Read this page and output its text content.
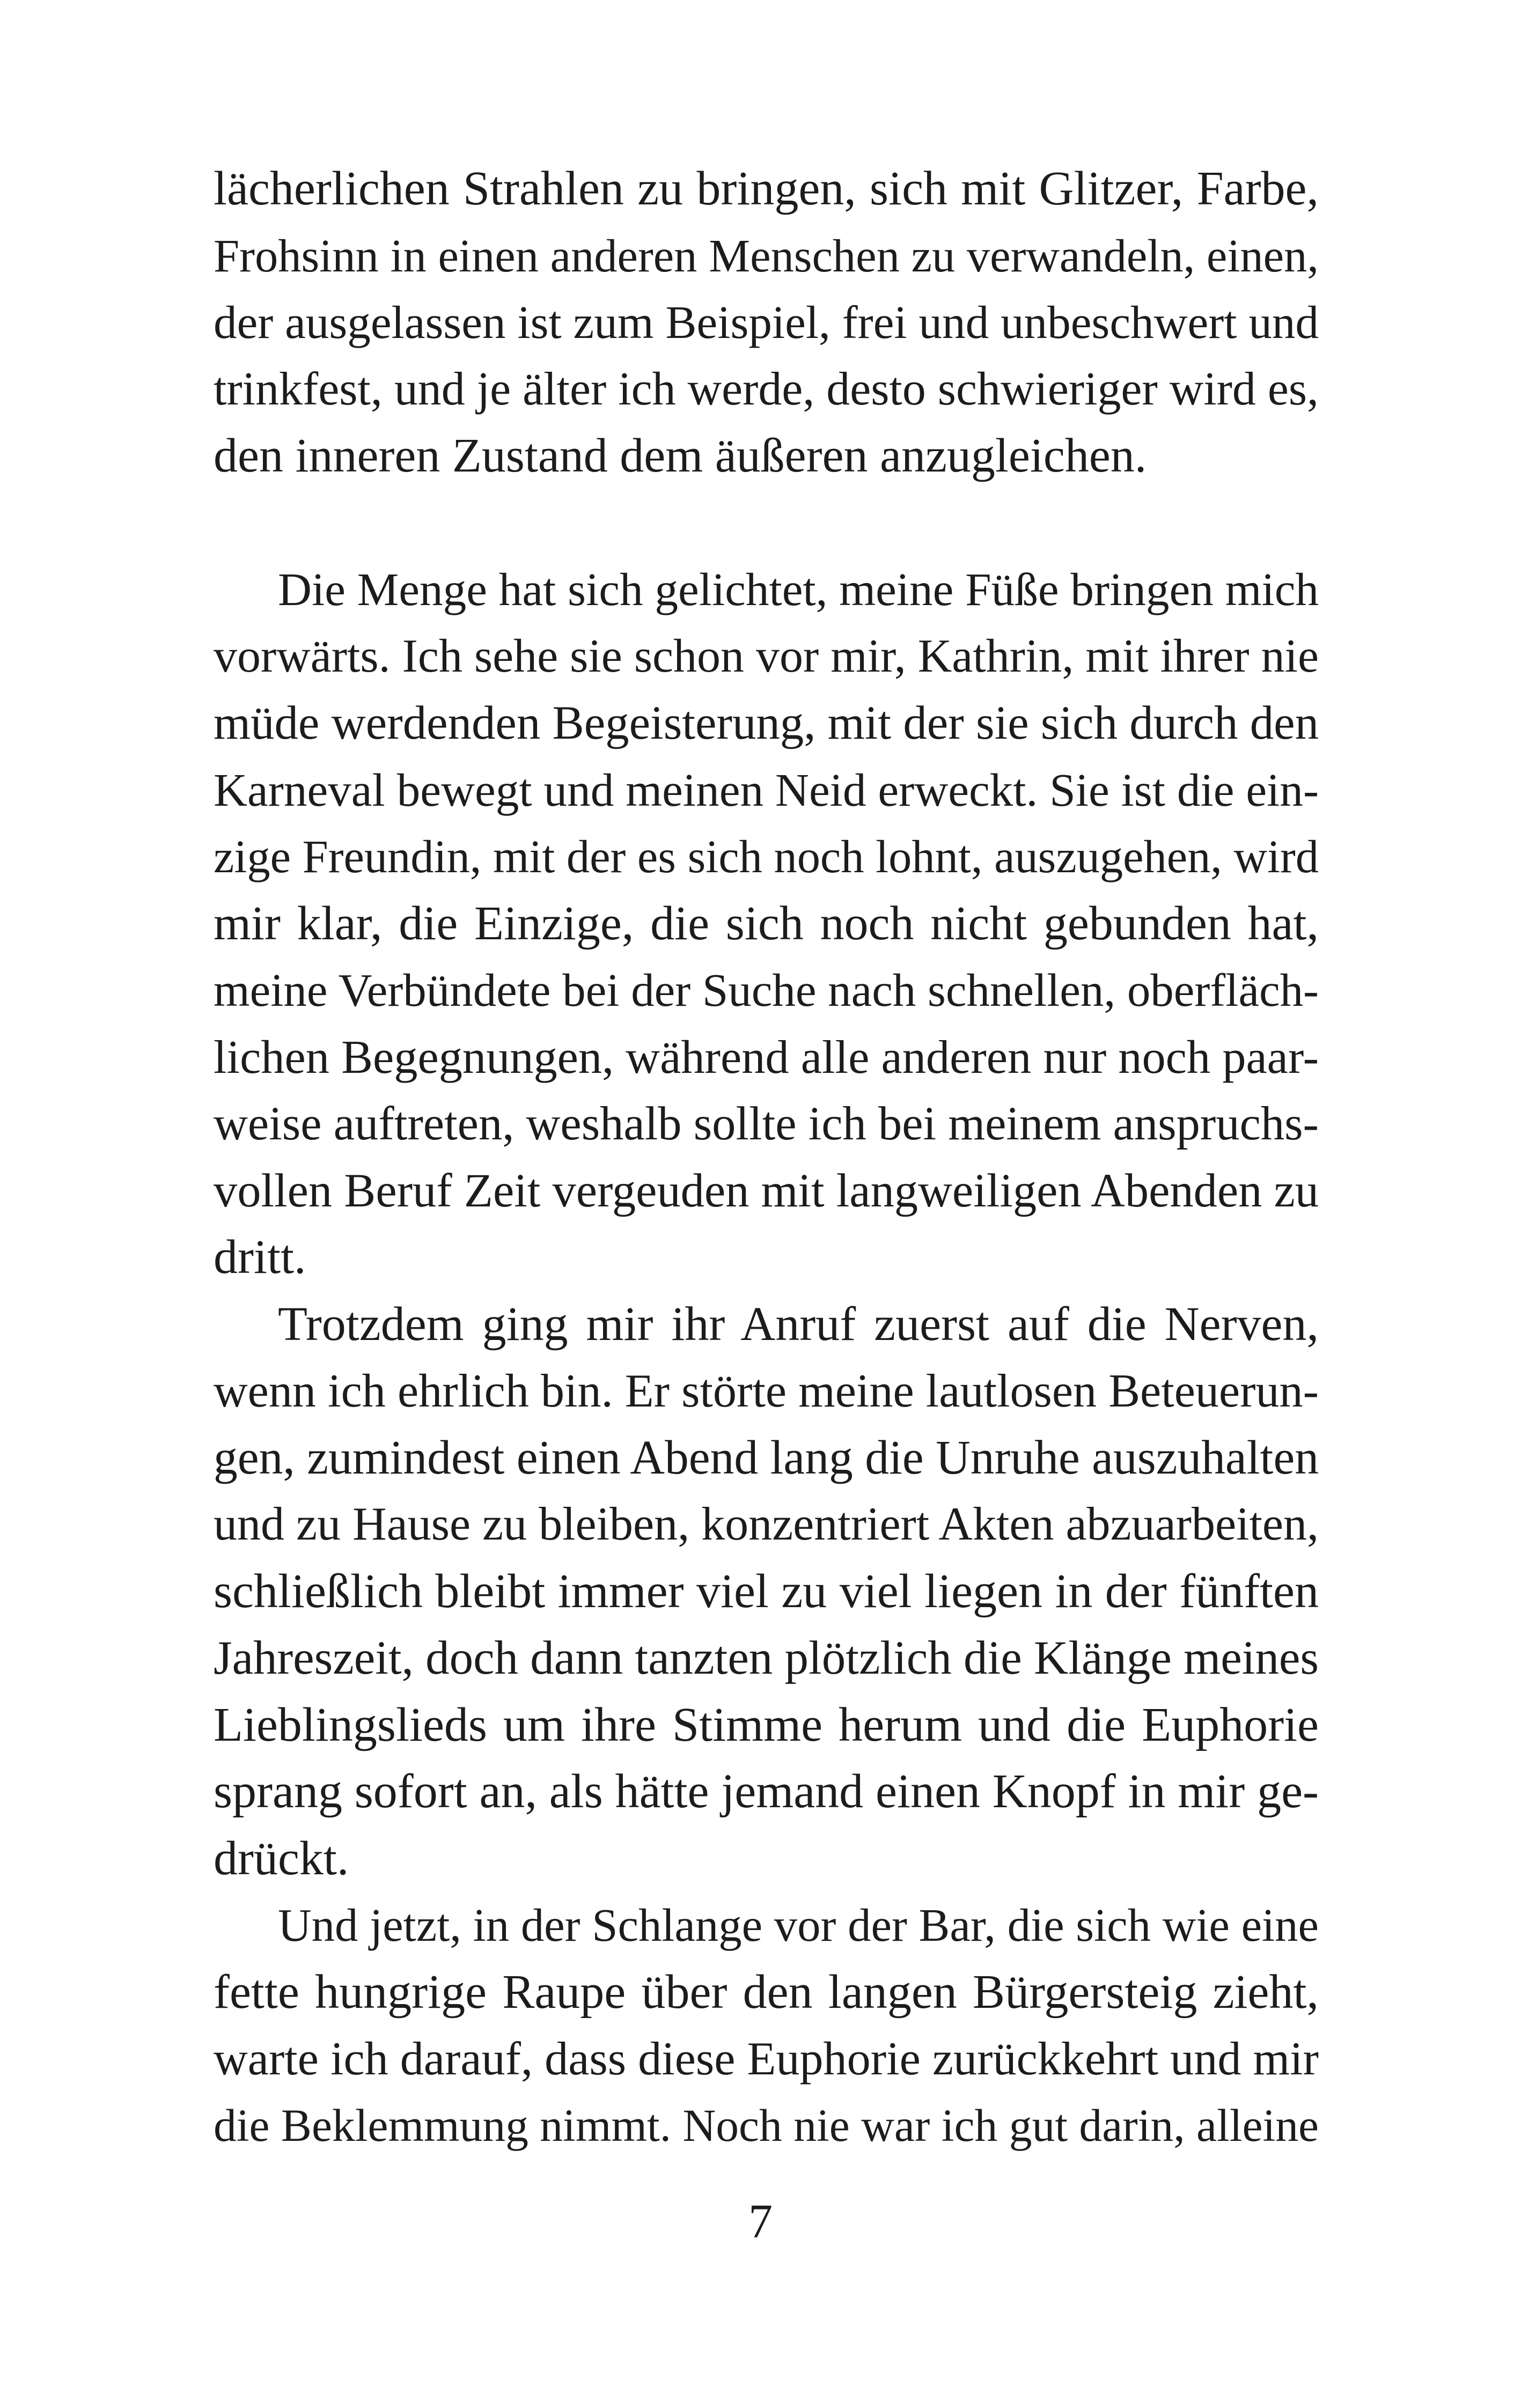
lächerlichen Strahlen zu bringen, sich mit Glitzer, Farbe,
Frohsinn in einen anderen Menschen zu verwandeln, einen,
der ausgelassen ist zum Beispiel, frei und unbeschwert und
trinkfest, und je älter ich werde, desto schwieriger wird es,
den inneren Zustand dem äußeren anzugleichen.
Die Menge hat sich gelichtet, meine Füße bringen mich
vorwärts. Ich sehe sie schon vor mir, Kathrin, mit ihrer nie
müde werdenden Begeisterung, mit der sie sich durch den
Karneval bewegt und meinen Neid erweckt. Sie ist die ein-
zige Freundin, mit der es sich noch lohnt, auszugehen, wird
mir klar, die Einzige, die sich noch nicht gebunden hat,
meine Verbündete bei der Suche nach schnellen, oberfläch-
lichen Begegnungen, während alle anderen nur noch paar-
weise auftreten, weshalb sollte ich bei meinem anspruchs-
vollen Beruf Zeit vergeuden mit langweiligen Abenden zu
dritt.
Trotzdem ging mir ihr Anruf zuerst auf die Nerven,
wenn ich ehrlich bin. Er störte meine lautlosen Beteuerun-
gen, zumindest einen Abend lang die Unruhe auszuhalten
und zu Hause zu bleiben, konzentriert Akten abzuarbeiten,
schließlich bleibt immer viel zu viel liegen in der fünften
Jahreszeit, doch dann tanzten plötzlich die Klänge meines
Lieblingslieds um ihre Stimme herum und die Euphorie
sprang sofort an, als hätte jemand einen Knopf in mir ge-
drückt.
Und jetzt, in der Schlange vor der Bar, die sich wie eine
fette hungrige Raupe über den langen Bürgersteig zieht,
warte ich darauf, dass diese Euphorie zurückkehrt und mir
die Beklemmung nimmt. Noch nie war ich gut darin, alleine
7
